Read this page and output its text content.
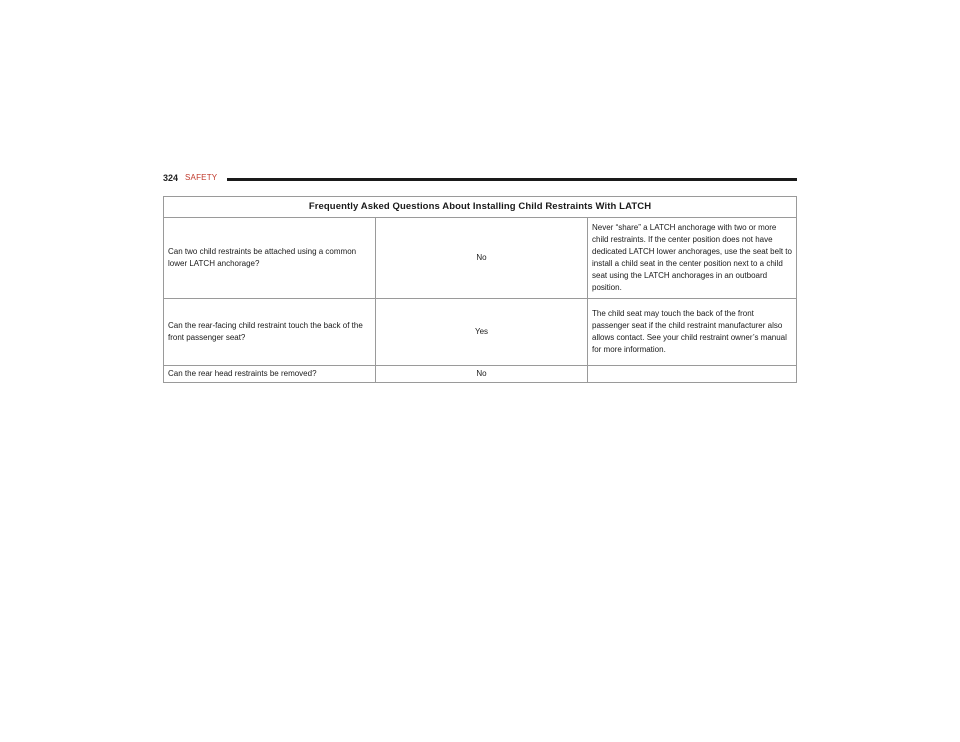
324 SAFETY
Frequently Asked Questions About Installing Child Restraints With LATCH		
Can two child restraints be attached using a common lower LATCH anchorage?	No	Never “share” a LATCH anchorage with two or more child restraints. If the center position does not have dedicated LATCH lower anchorages, use the seat belt to install a child seat in the center position next to a child seat using the LATCH anchorages in an outboard position.
Can the rear-facing child restraint touch the back of the front passenger seat?	Yes	The child seat may touch the back of the front passenger seat if the child restraint manufacturer also allows contact. See your child restraint owner’s manual for more information.
Can the rear head restraints be removed?	No	
